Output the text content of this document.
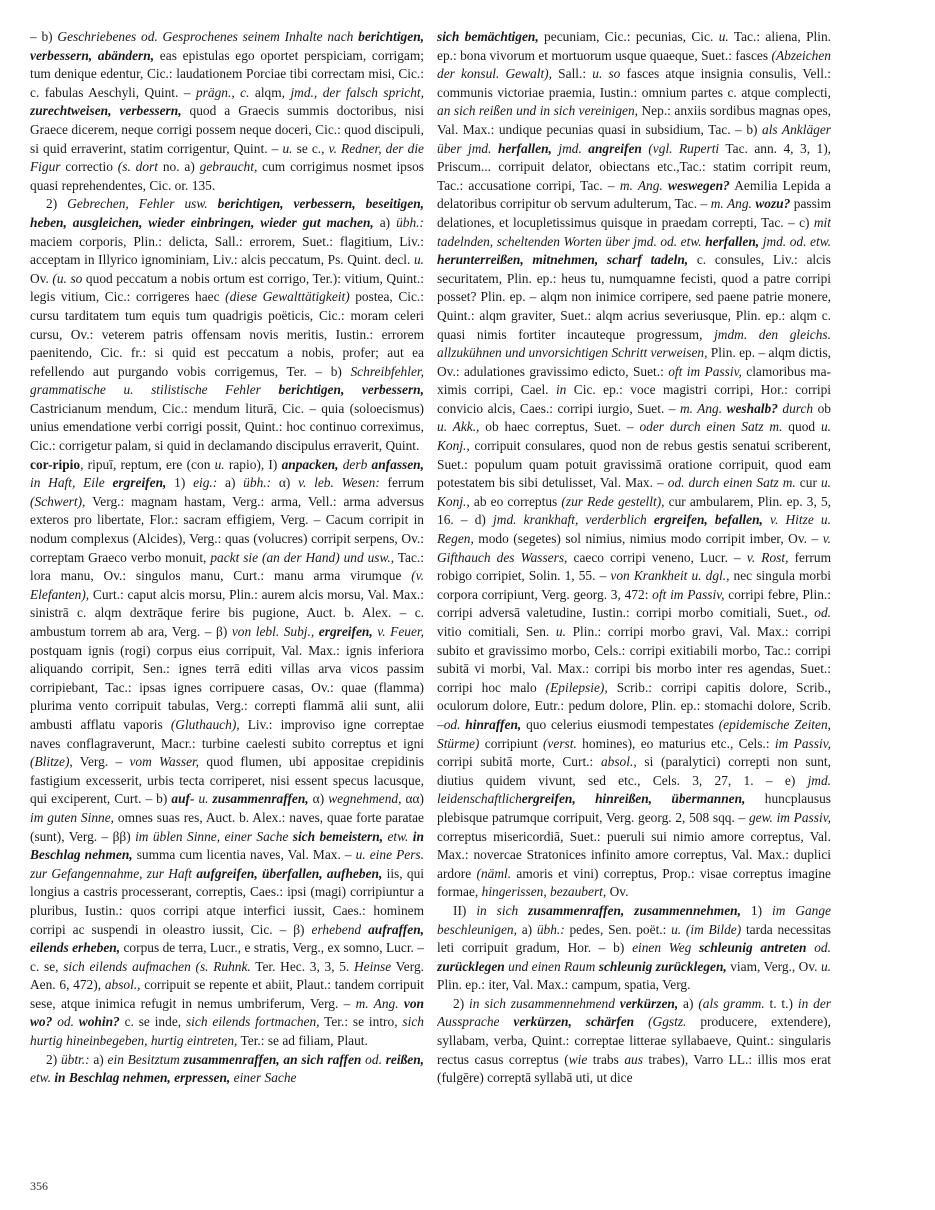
– b) Geschriebenes od. Gesprochenes seinem Inhalte nach berichtigen, verbessern, abändern, eas epistulas ego oportet perspiciam, corrigam; tum denique edentur, Cic.: laudationem Porciae tibi correctam misi, Cic.: c. fabulas Aeschyli, Quint. – prägn., c. alqm, jmd., der falsch spricht, zurechtweisen, verbessern, quod a Graecis summis doctoribus, nisi Graece dicerem, neque corrigi possem neque doceri, Cic.: quod discipuli, si quid erraverint, statim corrigentur, Quint. – u. se c., v. Redner, der die Figur correctio (s. dort no. a) gebraucht, cum corrigimus nosmet ipsos quasi reprehendentes, Cic. or. 135.

2) Gebrechen, Fehler usw. berichtigen, verbessern, beseitigen, heben, ausgleichen, wieder einbringen, wieder gut machen, a) übh.: maciem corporis, Plin.: delicta, Sall.: errorem, Suet.: flagitium, Liv.: acceptam in Illyrico ignominiam, Liv.: alcis peccatum, Ps. Quint. decl. u. Ov. (u. so quod peccatum a nobis ortum est corrigo, Ter.): vitium, Quint.: legis vitium, Cic.: corrigeres haec (diese Gewalttätigkeit) postea, Cic.: cursu tarditatem tum equis tum quadrigis poëticis, Cic.: moram celeri cursu, Ov.: veterem patris offensam novis meritis, Iustin.: errorem paenitendo, Cic. fr.: si quid est peccatum a nobis, profer; aut ea refellendo aut purgando vobis corrigemus, Ter. – b) Schreibfehler, grammatische u. stilistische Fehler berichtigen, verbessern, Castricianum mendum, Cic.: mendum liturā, Cic. – quia (soloecismus) unius emendatione verbi corrigi possit, Quint.: hoc continuo correximus, Cic.: corrigetur palam, si quid in declamando discipulus erraverit, Quint.

cor-ripio, ripuī, reptum, ere (con u. rapio), I) anpacken, derb anfassen, in Haft, Eile ergreifen, 1) eig.: a) übh.: α) v. leb. Wesen: ferrum (Schwert), Verg.: magnam hastam, Verg.: arma, Vell.: arma adversus exteros pro libertate, Flor.: sacram effigiem, Verg. – Cacum corripit in nodum complexus (Alcides), Verg.: quas (volucres) corripit serpens, Ov.: correptam Graeco verbo monuit, packt sie (an der Hand) und usw., Tac.: lora manu, Ov.: singulos manu, Curt.: manu arma virumque (v. Elefanten), Curt.: caput alcis morsu, Plin.: aurem alcis morsu, Val. Max.: sinistrā c. alqm dextrāque ferire bis pugione, Auct. b. Alex. – c. ambustum torrem ab ara, Verg. – β) von lebl. Subj., ergreifen, v. Feuer, postquam ignis (rogi) corpus eius corripuit, Val. Max.: ignis inferiora aliquando corripit, Sen.: ignes terrā editi villas arva vicos passim corripiebant, Tac.: ipsas ignes corripuere casas, Ov.: quae (flamma) plurima vento corripuit tabulas, Verg.: correpti flammā alii sunt, alii ambusti afflatu vaporis (Gluthauch), Liv.: improviso igne correptae naves conflagraverunt, Macr.: turbine caelesti subito correptus et igni (Blitze), Verg. – vom Wasser, quod flumen, ubi appositae crepidinis fastigium excesserit, urbis tecta corriperet, nisi essent specus lacusque, qui exciperent, Curt. – b) auf- u. zusammenraffen, α) wegnehmend, αα) im guten Sinne, omnes suas res, Auct. b. Alex.: naves, quae forte paratae (sunt), Verg. – ββ) im üblen Sinne, einer Sache sich bemeistern, etw. in Beschlag nehmen, summa cum licentia naves, Val. Max. – u. eine Pers. zur Gefangennahme, zur Haft aufgreifen, überfallen, aufheben, iis, qui longius a castris processerant, correptis, Caes.: ipsi (magi) corripiuntur a pluribus, Iustin.: quos corripi atque interfici iussit, Caes.: hominem corripi ac suspendi in oleastro iussit, Cic. – β) erhebend aufraffen, eilends erheben, corpus de terra, Lucr., e stratis, Verg., ex somno, Lucr. – c. se, sich eilends aufmachen (s. Ruhnk. Ter. Hec. 3, 3, 5. Heinse Verg. Aen. 6, 472), absol., corripuit se repente et abiit, Plaut.: tandem corripuit sese, atque inimica refugit in nemus umbriferum, Verg. – m. Ang. von wo? od. wohin? c. se inde, sich eilends fortmachen, Ter.: se intro, sich hurtig hineinbegeben, hurtig eintreten, Ter.: se ad filiam, Plaut.

2) übtr.: a) ein Besitztum zusammenraffen, an sich raffen od. reißen, etw. in Beschlag nehmen, erpressen, einer Sache

sich bemächtigen, pecuniam, Cic.: pecunias, Cic. u. Tac.: aliena, Plin. ep.: bona vivorum et mortuorum usque quaeque, Suet.: fasces (Abzeichen der konsul. Gewalt), Sall.: u. so fasces atque insignia consulis, Vell.: communis victoriae praemia, Iustin.: omnium partes c. atque complecti, an sich reißen und in sich vereinigen, Nep.: anxiis sordibus magnas opes, Val. Max.: undique pecunias quasi in subsidium, Tac. – b) als Ankläger über jmd. herfallen, jmd. angreifen (vgl. Ruperti Tac. ann. 4, 3, 1), Priscum... corripuit delator, obiectans etc.,Tac.: statim corripit reum, Tac.: accusatione corripi, Tac. – m. Ang. weswegen? Aemilia Lepida a delatoribus corripitur ob servum adulterum, Tac. – m. Ang. wozu? passim delationes, et locupletissimus quisque in praedam correpti, Tac. – c) mit tadelnden, scheltenden Worten über jmd. od. etw. herfallen, jmd. od. etw. herunterreißen, mitnehmen, scharf tadeln, c. consules, Liv.: alcis securitatem, Plin. ep.: heus tu, numquamne fecisti, quod a patre corripi posset? Plin. ep. – alqm non inimice corripere, sed paene patrie monere, Quint.: alqm graviter, Suet.: alqm acrius severiusque, Plin. ep.: alqm c. quasi nimis fortiter incauteque progressum, jmdm. den gleichs. allzukühnen und unvorsichtigen Schritt verweisen, Plin. ep. – alqm dictis, Ov.: adulationes gravissimo edicto, Suet.: oft im Passiv, clamoribus maximis corripi, Cael. in Cic. ep.: voce magistri corripi, Hor.: corripi convicio alcis, Caes.: corripi iurgio, Suet. – m. Ang. weshalb? durch ob u. Akk., ob haec correptus, Suet. – oder durch einen Satz m. quod u. Konj., corripuit consulares, quod non de rebus gestis senatui scriberent, Suet.: populum quam potuit gravissimā oratione corripuit, quod eam potestatem bis sibi detulisset, Val. Max. – od. durch einen Satz m. cur u. Konj., ab eo correptus (zur Rede gestellt), cur ambularem, Plin. ep. 3, 5, 16. – d) jmd. krankhaft, verderblich ergreifen, befallen, v. Hitze u. Regen, modo (segetes) sol nimius, nimius modo corripit imber, Ov. – v. Gifthauch des Wassers, caeco corripi veneno, Lucr. – v. Rost, ferrum robigo corripiet, Solin. 1, 55. – von Krankheit u. dgl., nec singula morbi corpora corripiunt, Verg. georg. 3, 472: oft im Passiv, corripi febre, Plin.: corripi adversā valetudine, Iustin.: corripi morbo comitiali, Suet., od. vitio comitiali, Sen. u. Plin.: corripi morbo gravi, Val. Max.: corripi subito et gravissimo morbo, Cels.: corripi exitiabili morbo, Tac.: corripi subitā vi morbi, Val. Max.: corripi bis morbo inter res agendas, Suet.: corripi hoc malo (Epilepsie), Scrib.: corripi capitis dolore, Scrib., oculorum dolore, Eutr.: pedum dolore, Plin. ep.: stomachi dolore, Scrib. –od. hinraffen, quo celerius eiusmodi tempestates (epidemische Zeiten, Stürme) corripiunt (verst. homines), eo maturius etc., Cels.: im Passiv, corripi subitā morte, Curt.: absol., si (paralytici) correpti non sunt, diutius quidem vivunt, sed etc., Cels. 3, 27, 1. – e) jmd. leidenschaftlichergreifen, hinreißen, übermannen, huncplausus plebisque patrumque corripuit, Verg. georg. 2, 508 sqq. – gew. im Passiv, correptus misericordiā, Suet.: pueruli sui nimio amore correptus, Val. Max.: novercae Stratonices infinito amore correptus, Val. Max.: duplici ardore (näml. amoris et vini) correptus, Prop.: visae correptus imagine formae, hingerissen, bezaubert, Ov.

II) in sich zusammenraffen, zusammennehmen, 1) im Gange beschleunigen, a) übh.: pedes, Sen. poët.: u. (im Bilde) tarda necessitas leti corripuit gradum, Hor. – b) einen Weg schleunig antreten od. zurücklegen und einen Raum schleunig zurücklegen, viam, Verg., Ov. u. Plin. ep.: iter, Val. Max.: campum, spatia, Verg.

2) in sich zusammennehmend verkürzen, a) (als gramm. t. t.) in der Aussprache verkürzen, schärfen (Ggstz. producere, extendere), syllabam, verba, Quint.: correptae litterae syllabaeve, Quint.: singularis rectus casus correptus (wie trabs aus trabes), Varro LL.: illis mos erat (fulgēre) correptā syllabā uti, ut dice

356
